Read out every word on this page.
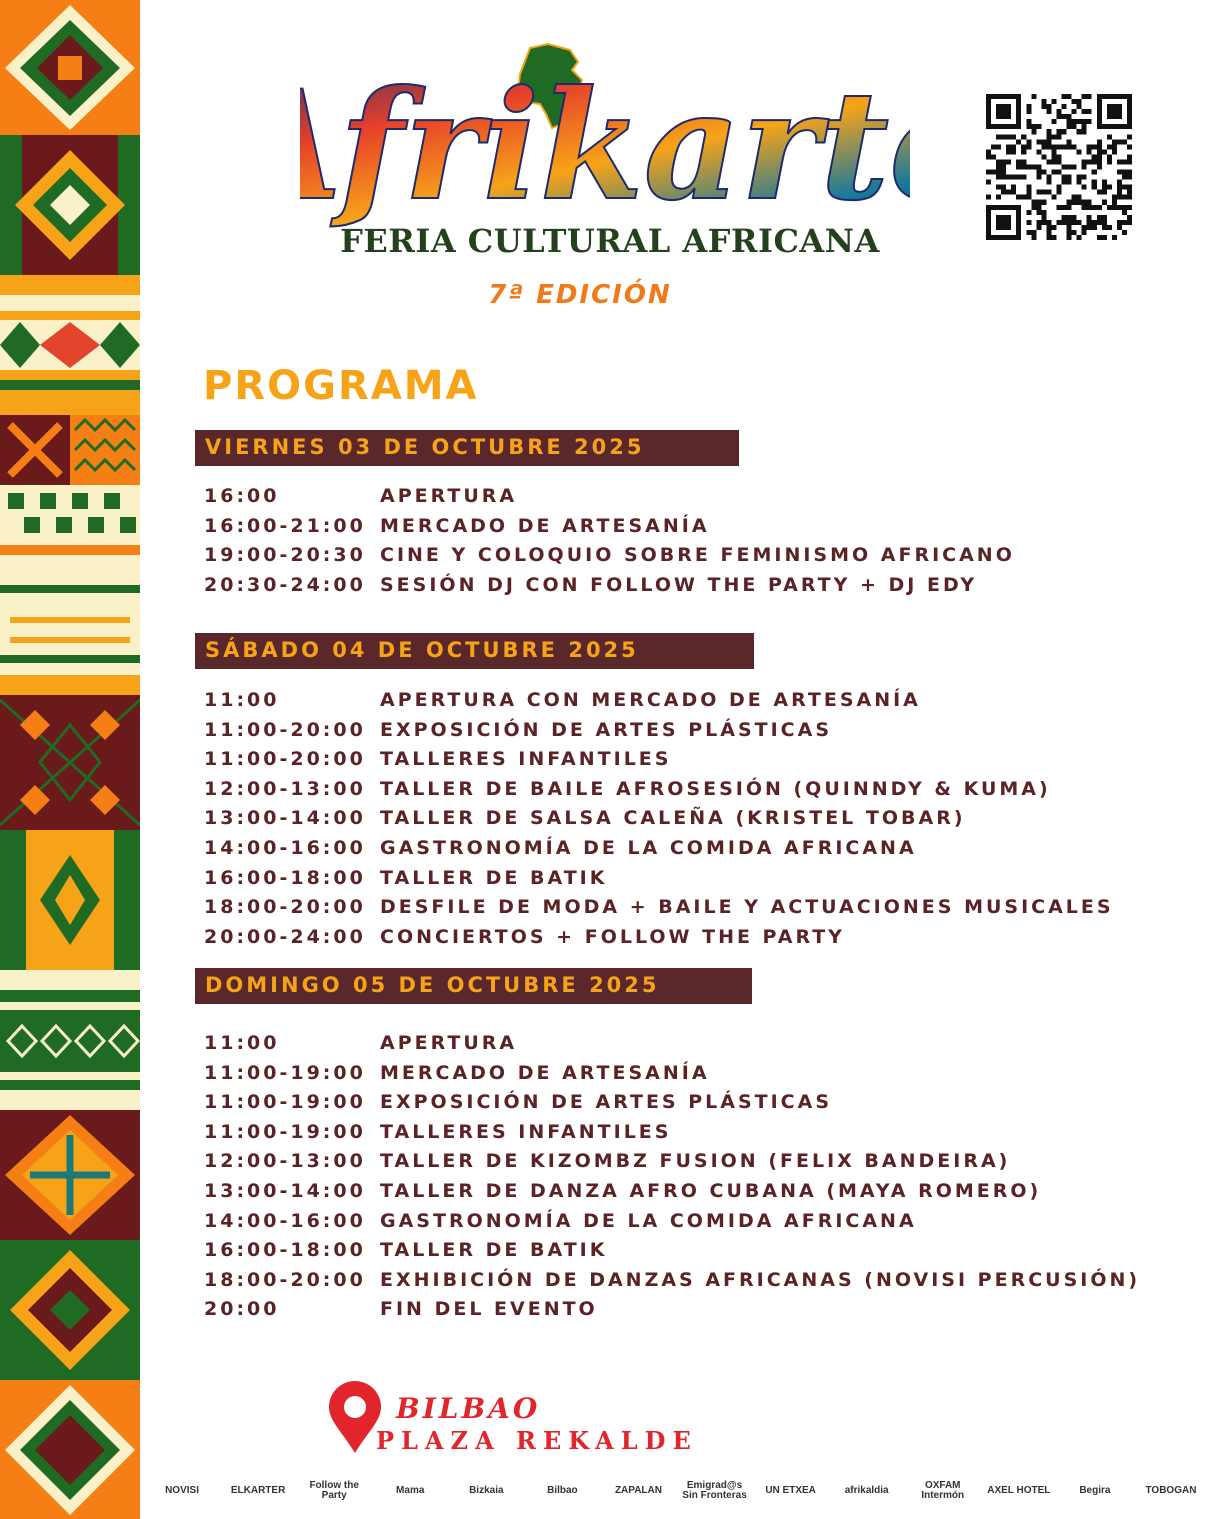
frikart
FERIA CULTURAL AFRICANA
7ª EDICIÓN
PROGRAMA
VIERNES 03 DE OCTUBRE 2025
16:00	APERTURA
16:00-21:00 MERCADO DE ARTESANÍA
19:00-20:30 CINE Y COLOQUIO SOBRE FEMINISMO AFRICANO
20:30-24:00 SESIÓN DJ CON FOLLOW THE PARTY + DJ EDY
SÁBADO 04 DE OCTUBRE 2025
11:00	APERTURA CON MERCADO DE ARTESANÍA
11:00-20:00 EXPOSICIÓN DE ARTES PLÁSTICAS
11:00-20:00 TALLERES INFANTILES
12:00-13:00 TALLER DE BAILE AFROSESIÓN (QUINNDY & KUMA)
13:00-14:00 TALLER DE SALSA CALEÑA (KRISTEL TOBAR)
14:00-16:00 GASTRONOMÍA DE LA COMIDA AFRICANA
16:00-18:00 TALLER DE BATIK
18:00-20:00 DESFILE DE MODA + BAILE Y ACTUACIONES MUSICALES
20:00-24:00 CONCIERTOS + FOLLOW THE PARTY
DOMINGO 05 DE OCTUBRE 2025
11:00	APERTURA
11:00-19:00 MERCADO DE ARTESANÍA
11:00-19:00 EXPOSICIÓN DE ARTES PLÁSTICAS
11:00-19:00 TALLERES INFANTILES
12:00-13:00 TALLER DE KIZOMBZ FUSION (FELIX BANDEIRA)
13:00-14:00 TALLER DE DANZA AFRO CUBANA (MAYA ROMERO)
14:00-16:00 GASTRONOMÍA DE LA COMIDA AFRICANA
16:00-18:00 TALLER DE BATIK
18:00-20:00 EXHIBICIÓN DE DANZAS AFRICANAS (NOVISI PERCUSIÓN)
20:00	FIN DEL EVENTO
BILBAO
PLAZA REKALDE
NOVISI	ELKARTER	Follow the Party	Mama	Bizkaia	Bilbao	ZAPALAN	Emigrad@s Sin Fronteras	UN ETXEA	afrikaldia	OXFAM Intermón	AXEL HOTEL	Begira	TOBOGAN
